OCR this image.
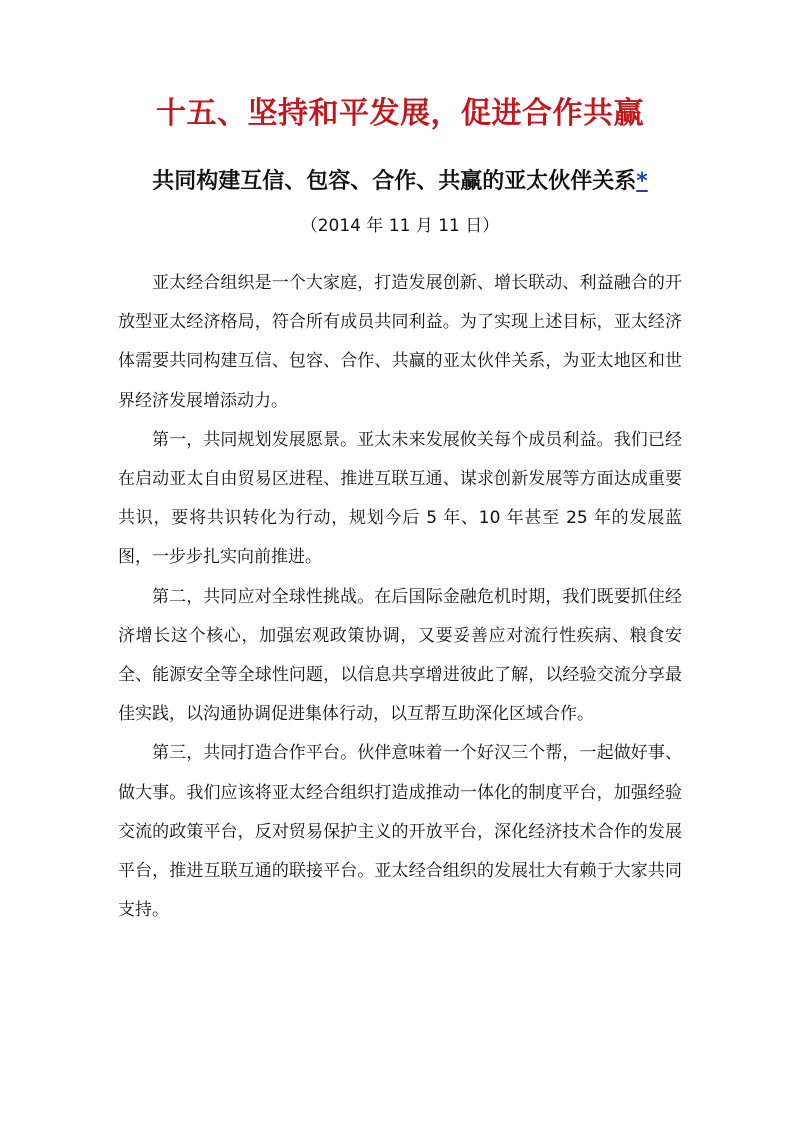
十五、坚持和平发展，促进合作共赢
共同构建互信、包容、合作、共赢的亚太伙伴关系*

（2014 年 11 月 11 日）

亚太经合组织是一个大家庭，打造发展创新、增长联动、利益融合的开放型亚太经济格局，符合所有成员共同利益。为了实现上述目标，亚太经济体需要共同构建互信、包容、合作、共赢的亚太伙伴关系，为亚太地区和世界经济发展增添动力。

第一，共同规划发展愿景。亚太未来发展攸关每个成员利益。我们已经在启动亚太自由贸易区进程、推进互联互通、谋求创新发展等方面达成重要共识，要将共识转化为行动，规划今后 5 年、10 年甚至 25 年的发展蓝图，一步步扎实向前推进。

第二，共同应对全球性挑战。在后国际金融危机时期，我们既要抓住经济增长这个核心，加强宏观政策协调，又要妥善应对流行性疾病、粮食安全、能源安全等全球性问题，以信息共享增进彼此了解，以经验交流分享最佳实践，以沟通协调促进集体行动，以互帮互助深化区域合作。

第三，共同打造合作平台。伙伴意味着一个好汉三个帮，一起做好事、做大事。我们应该将亚太经合组织打造成推动一体化的制度平台，加强经验交流的政策平台，反对贸易保护主义的开放平台，深化经济技术合作的发展平台，推进互联互通的联接平台。亚太经合组织的发展壮大有赖于大家共同支持。
